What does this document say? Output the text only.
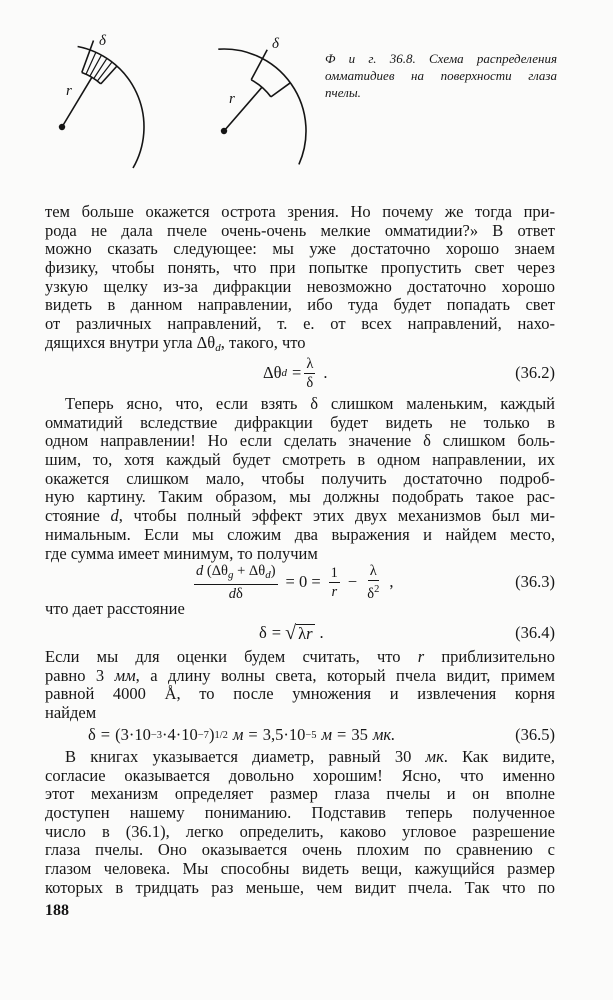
r
δ
r
δ
Ф и г. 36.8. Схема распределения
омматидиев на поверхности глаза
пчелы.
тем больше окажется острота зрения. Но почему же тогда при-
рода не дала пчеле очень-очень мелкие омматидии?» В ответ
можно сказать следующее: мы уже достаточно хорошо знаем
физику, чтобы понять, что при попытке пропустить свет через
узкую щелку из-за дифракции невозможно достаточно хорошо
видеть в данном направлении, ибо туда будет попадать свет
от различных направлений, т. е. от всех направлений, нахо-
дящихся внутри угла $\Delta\theta_d$, такого, что
Δθ $d = \frac{\lambda}{\delta}$ .	(36.2)
Теперь ясно, что, если взять δ слишком маленьким, каждый
омматидий вследствие дифракции будет видеть не только в
одном направлении! Но если сделать значение δ слишком боль-
шим, то, хотя каждый будет смотреть в одном направлении, их
окажется слишком мало, чтобы получить достаточно подроб-
ную картину. Таким образом, мы должны подобрать такое рас-
стояние d, чтобы полный эффект этих двух механизмов был ми-
нимальным. Если мы сложим два выражения и найдем место,
где сумма имеет минимум, то получим
$\frac{d (\Delta\theta_g + \Delta\theta_d)}{d\delta} = 0 = \frac{1}{r} - \frac{\lambda}{\delta^2}$ ,	(36.3)
что дает расстояние
δ = √ λr .	(36.4)
Если мы для оценки будем считать, что r приблизительно
равно 3 мм, а длину волны света, который пчела видит, примем
равной 4000 Å, то после умножения и извлечения корня
найдем
δ = (3·10 −3 ·4·10 −7 ) 1/2 м = 3,5·10 −5 м = 35 мк.	(36.5)
В книгах указывается диаметр, равный 30 мк. Как видите,
согласие оказывается довольно хорошим! Ясно, что именно
этот механизм определяет размер глаза пчелы и он вполне
доступен нашему пониманию. Подставив теперь полученное
число в (36.1), легко определить, каково угловое разрешение
глаза пчелы. Оно оказывается очень плохим по сравнению с
глазом человека. Мы способны видеть вещи, кажущийся размер
которых в тридцать раз меньше, чем видит пчела. Так что по
188
